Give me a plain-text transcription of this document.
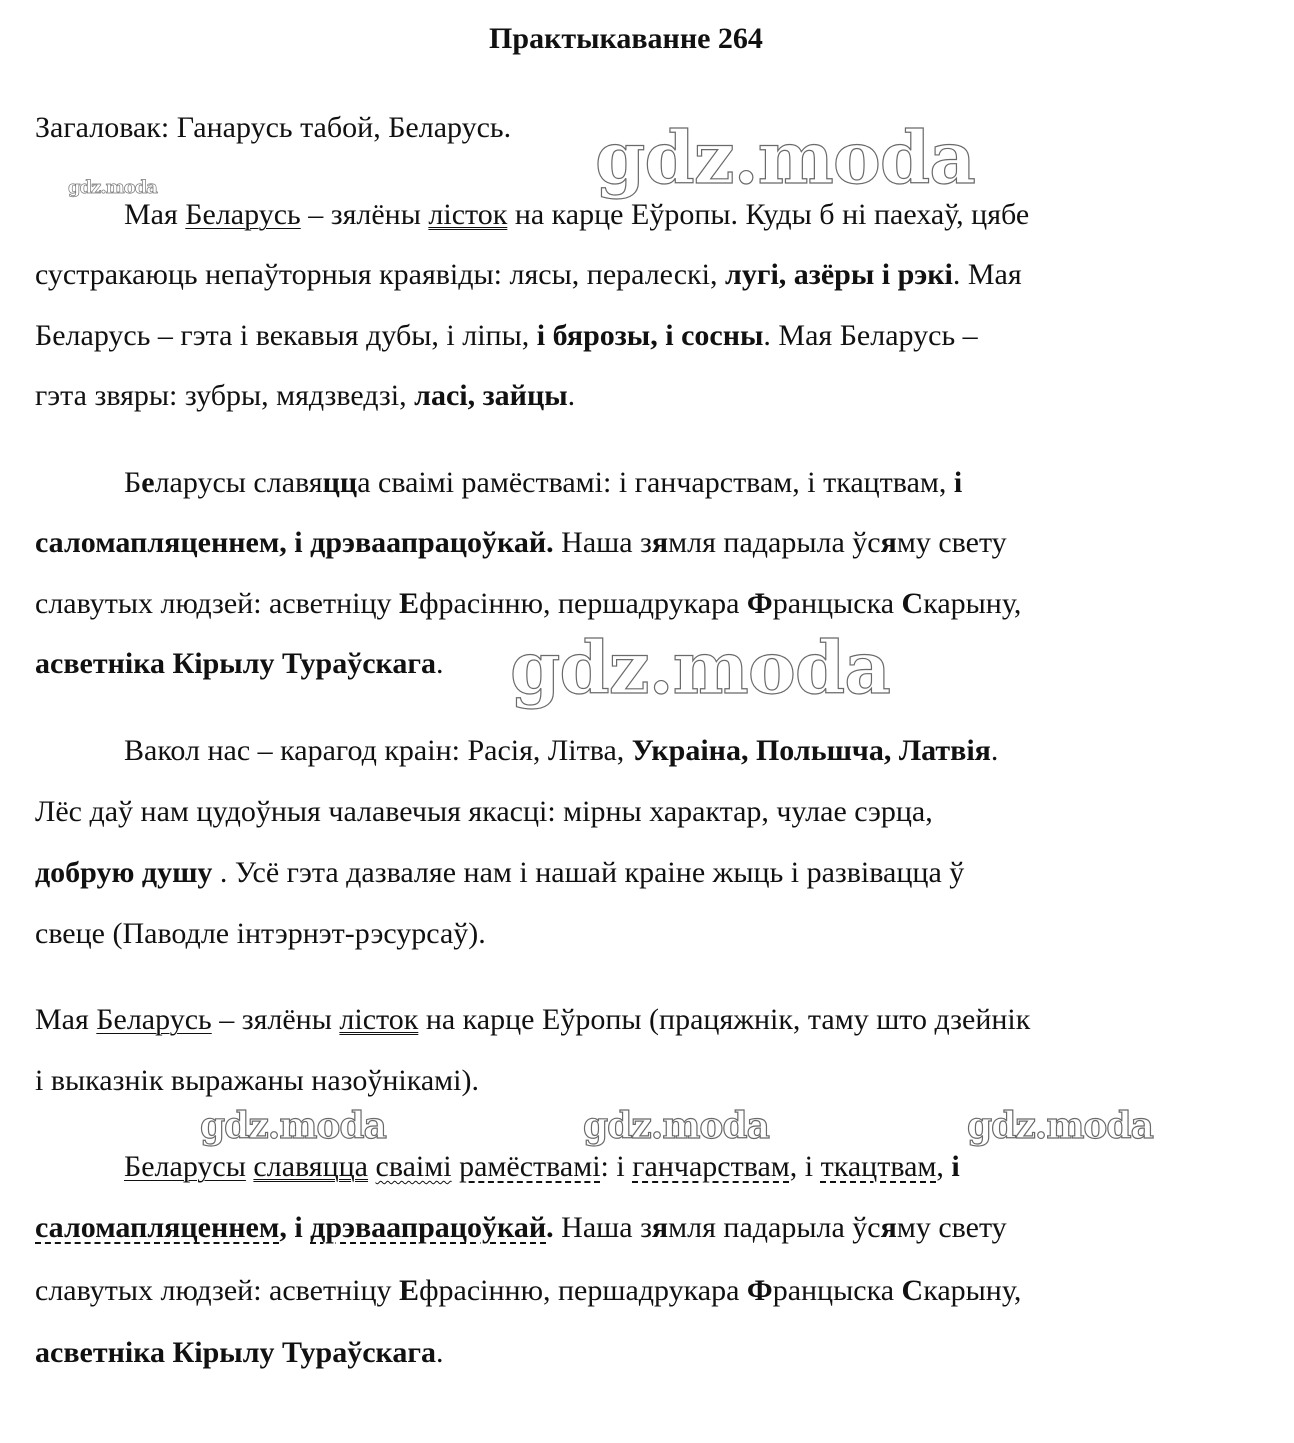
Практыкаванне 264
Загаловак: Ганарусь табой, Беларусь.
Мая Беларусь – зялёны лісток на карце Еўропы. Куды б ні паехаў, цябе
сустракаюць непаўторныя краявіды: лясы, пералескі, лугі, азёры і рэкі. Мая
Беларусь – гэта і векавыя дубы, і ліпы, і бярозы, і сосны. Мая Беларусь –
гэта звяры: зубры, мядзведзі, ласі, зайцы.
Беларусы славяцца сваімі рамёствамі: і ганчарствам, і ткацтвам, і
саломапляценнем, і дрэваапрацоўкай. Наша зямля падарыла ўсяму свету
славутых людзей: асветніцу Ефрасінню, першадрукара Францыска Скарыну,
асветніка Кірылу Тураўскага.
Вакол нас – карагод краін: Расія, Літва, Украіна, Польшча, Латвія.
Лёс даў нам цудоўныя чалавечыя якасці: мірны характар, чулае сэрца,
добрую душу . Усё гэта дазваляе нам і нашай краіне жыць і развівацца ў
свеце (Паводле інтэрнэт-рэсурсаў).
Мая Беларусь – зялёны лісток на карце Еўропы (працяжнік, таму што дзейнік
і выказнік выражаны назоўнікамі).
Беларусы славяцца сваімі рамёствамі: і ганчарствам, і ткацтвам, і
саломапляценнем, і дрэваапрацоўкай. Наша зямля падарыла ўсяму свету
славутых людзей: асветніцу Ефрасінню, першадрукара Францыска Скарыну,
асветніка Кірылу Тураўскага.
gdz.moda
gdz.moda
gdz.moda
gdz.moda	gdz.moda	gdz.moda
